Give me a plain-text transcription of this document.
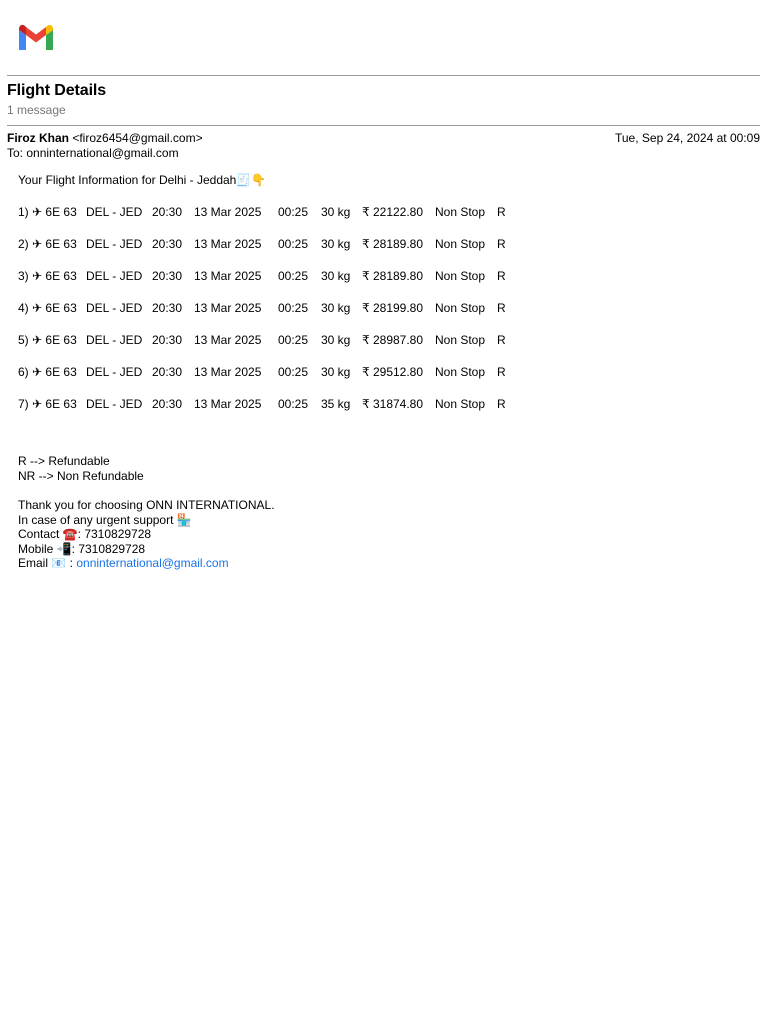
Flight Details
1 message
Firoz Khan <firoz6454@gmail.com>	Tue, Sep 24, 2024 at 00:09
To: onninternational@gmail.com
Your Flight Information for Delhi - Jeddah🧾👇
1) ✈ 6E 63 DEL - JED 20:30 13 Mar 2025	00:25	30 kg ₹ 22122.80 Non Stop R
2) ✈ 6E 63 DEL - JED 20:30 13 Mar 2025	00:25	30 kg ₹ 28189.80 Non Stop R
3) ✈ 6E 63 DEL - JED 20:30 13 Mar 2025	00:25	30 kg ₹ 28189.80 Non Stop R
4) ✈ 6E 63 DEL - JED 20:30 13 Mar 2025	00:25	30 kg ₹ 28199.80 Non Stop R
5) ✈ 6E 63 DEL - JED 20:30 13 Mar 2025	00:25	30 kg ₹ 28987.80 Non Stop R
6) ✈ 6E 63 DEL - JED 20:30 13 Mar 2025	00:25	30 kg ₹ 29512.80 Non Stop R
7) ✈ 6E 63 DEL - JED 20:30 13 Mar 2025	00:25	35 kg ₹ 31874.80 Non Stop R
R --> Refundable
NR --> Non Refundable
Thank you for choosing ONN INTERNATIONAL.
In case of any urgent support 🏪
Contact ☎️: 7310829728
Mobile 📲: 7310829728
Email 📧 : onninternational@gmail.com
